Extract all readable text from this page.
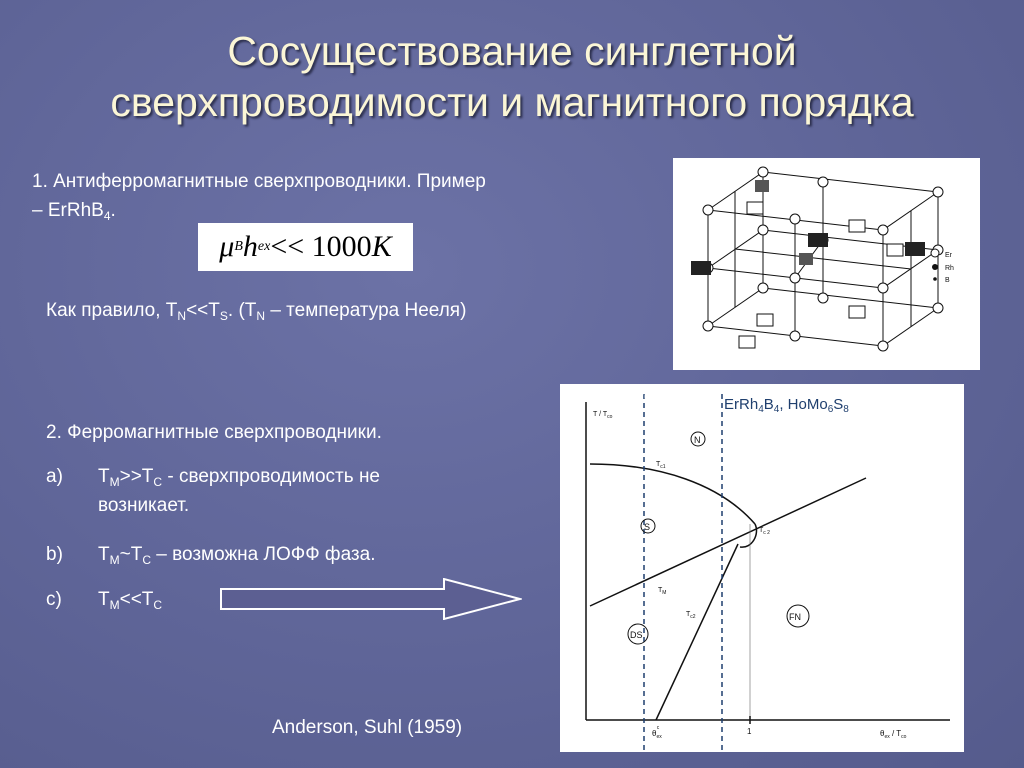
Сосуществование синглетной
сверхпроводимости и магнитного порядка
1. Антиферромагнитные сверхпроводники. Пример
– ErRhB$_4$.
μ B h ex << 1000 K
Как правило, $T_N<<T_S$. ($T_N$ – температура Нееля)
2. Ферромагнитные сверхпроводники.
a) $T_M>>T_C$ - сверхпроводимость не
возникает.
b) $T_M\sim T_C$ – возможна ЛОФФ фаза.
c) $T_M<<T_C$
Anderson, Suhl (1959)
Er
Rh
B
N
S
DS
FN
T / $T_{co}$
$\theta_{ex} / T_{co}$
1
$\theta_{ex}c$
$T_{c1}$
$T_{c2}$
$T_M$
$T_{c 2}$
$HoMo_6Se_8$	$ErRh_4B_4$, $HoMo_6S_8$
